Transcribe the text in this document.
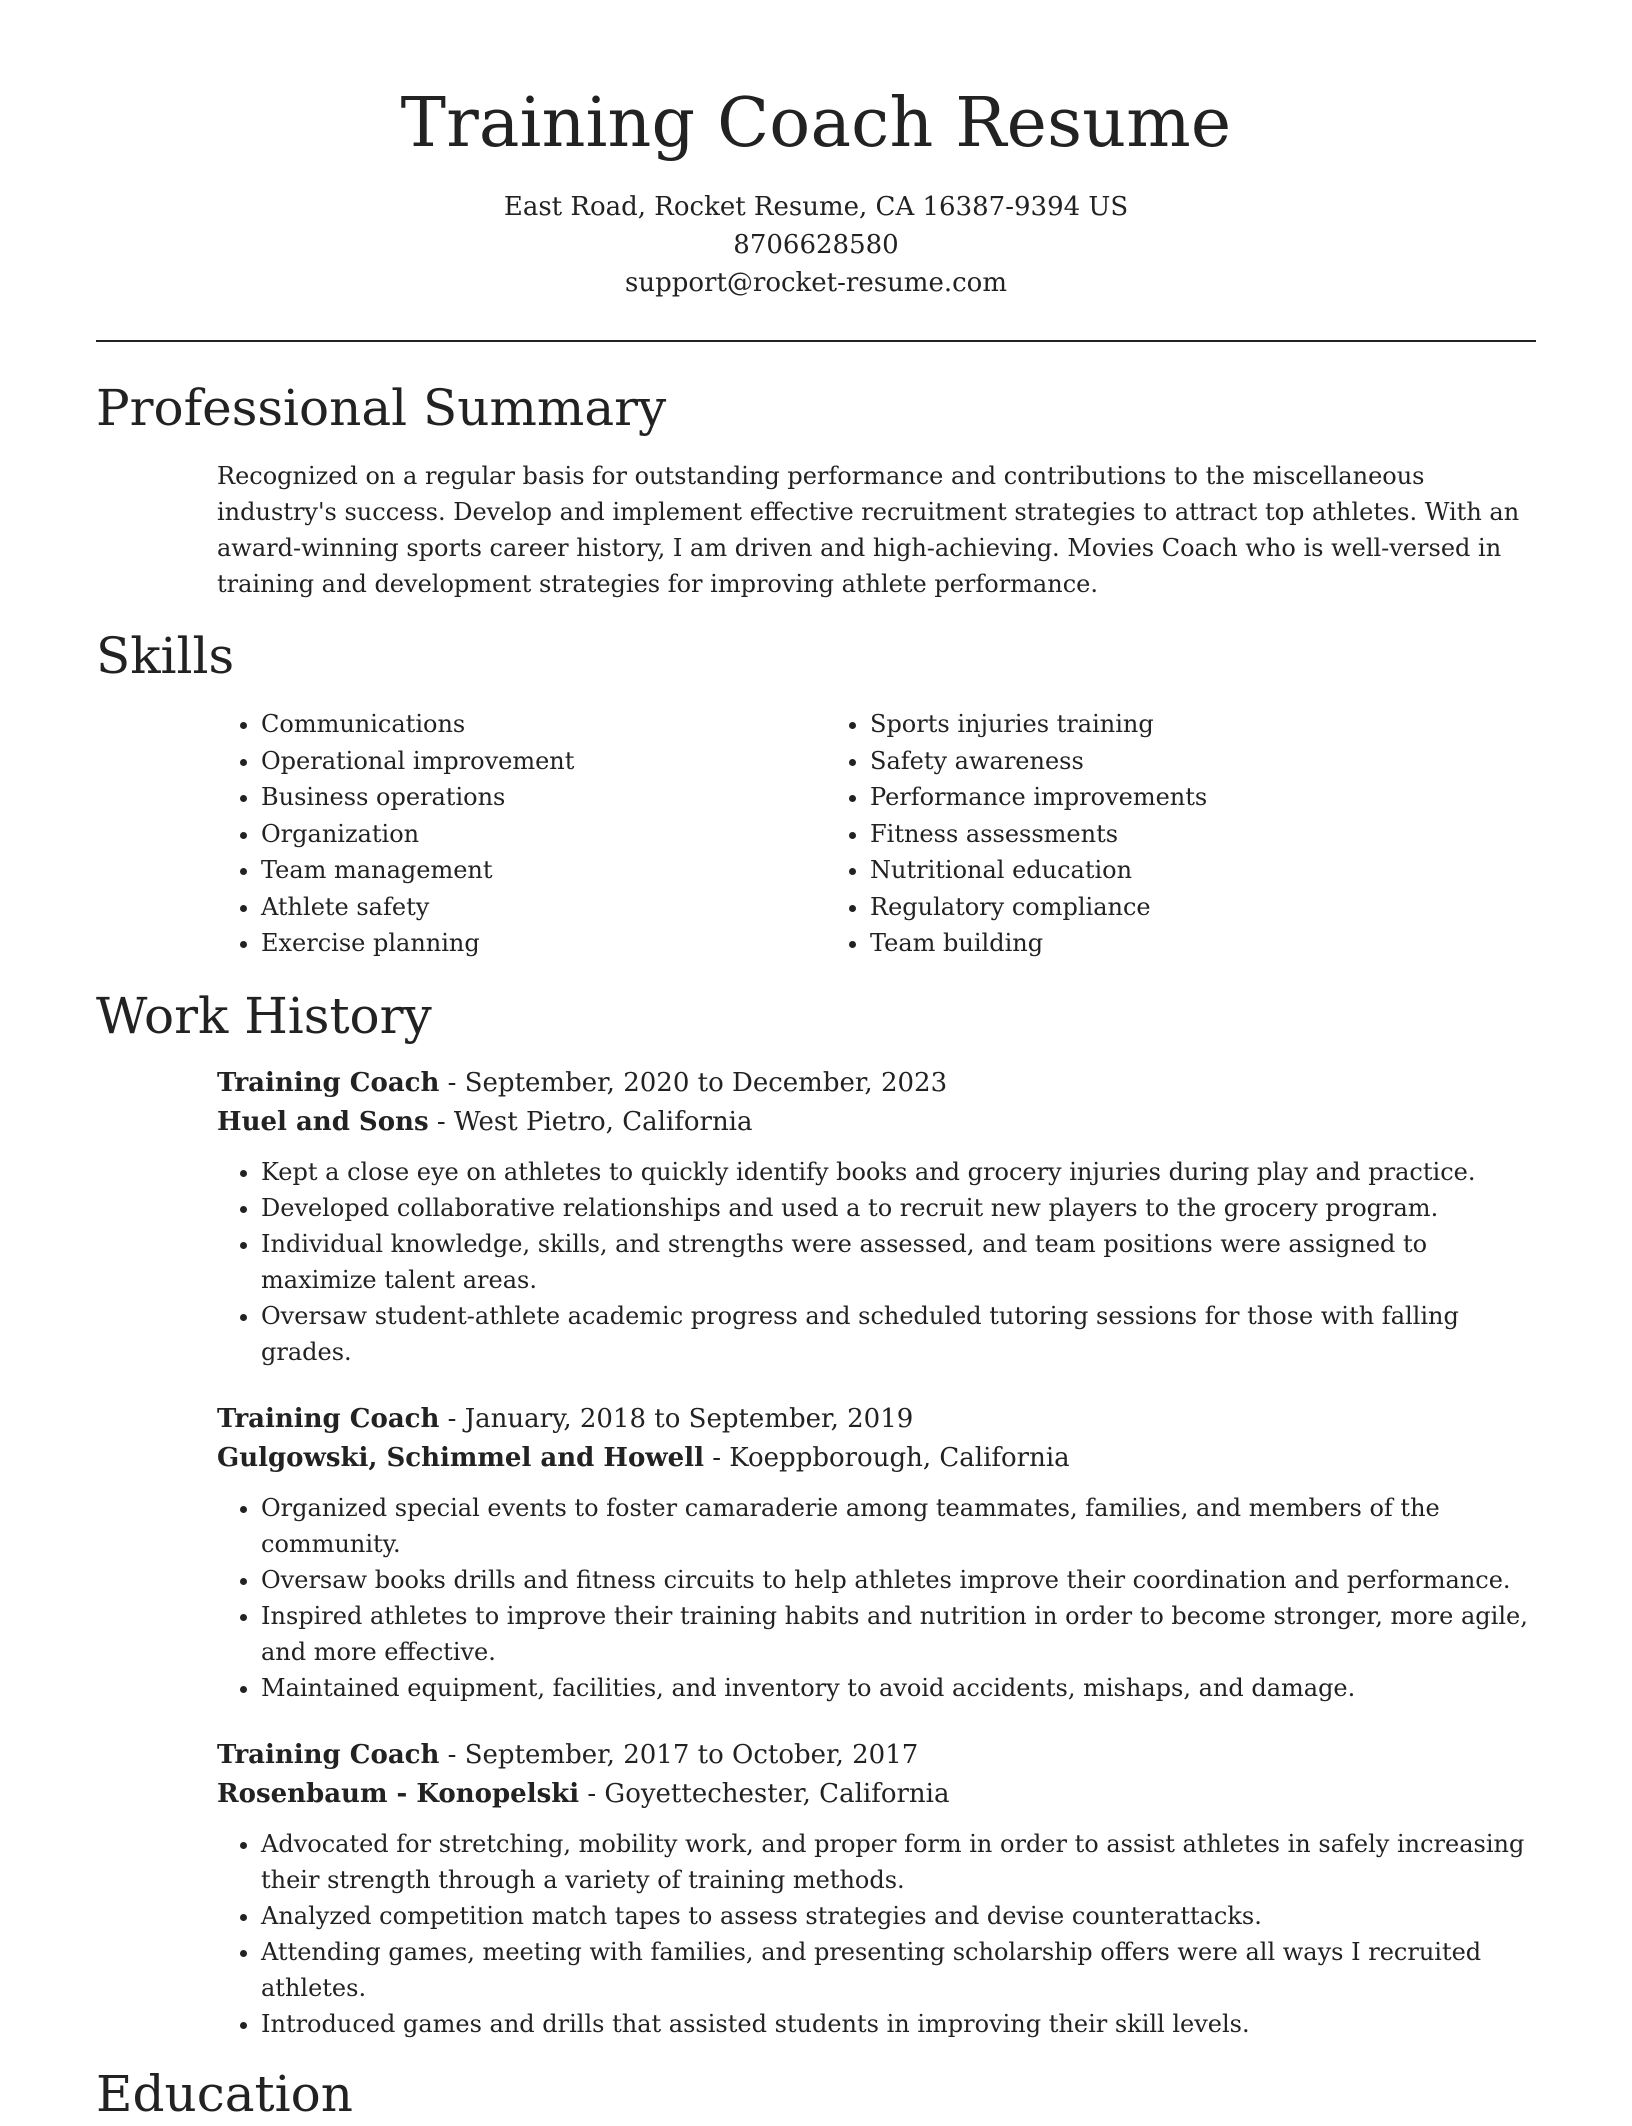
Training Coach Resume
East Road, Rocket Resume, CA 16387-9394 US
8706628580
support@rocket-resume.com
Professional Summary

Recognized on a regular basis for outstanding performance and contributions to the miscellaneous industry's success. Develop and implement effective recruitment strategies to attract top athletes. With an award-winning sports career history, I am driven and high-achieving. Movies Coach who is well-versed in training and development strategies for improving athlete performance.

Skills
• Communications
• Operational improvement
• Business operations
• Organization
• Team management
• Athlete safety
• Exercise planning
• Sports injuries training
• Safety awareness
• Performance improvements
• Fitness assessments
• Nutritional education
• Regulatory compliance
• Team building
Work History
Training Coach - September, 2020 to December, 2023
Huel and Sons - West Pietro, California
• Kept a close eye on athletes to quickly identify books and grocery injuries during play and practice.
• Developed collaborative relationships and used a to recruit new players to the grocery program.
• Individual knowledge, skills, and strengths were assessed, and team positions were assigned to maximize talent areas.
• Oversaw student-athlete academic progress and scheduled tutoring sessions for those with falling grades.
Training Coach - January, 2018 to September, 2019
Gulgowski, Schimmel and Howell - Koeppborough, California
• Organized special events to foster camaraderie among teammates, families, and members of the community.
• Oversaw books drills and fitness circuits to help athletes improve their coordination and performance.
• Inspired athletes to improve their training habits and nutrition in order to become stronger, more agile, and more effective.
• Maintained equipment, facilities, and inventory to avoid accidents, mishaps, and damage.
Training Coach - September, 2017 to October, 2017
Rosenbaum - Konopelski - Goyettechester, California
• Advocated for stretching, mobility work, and proper form in order to assist athletes in safely increasing their strength through a variety of training methods.
• Analyzed competition match tapes to assess strategies and devise counterattacks.
• Attending games, meeting with families, and presenting scholarship offers were all ways I recruited athletes.
• Introduced games and drills that assisted students in improving their skill levels.
Education
